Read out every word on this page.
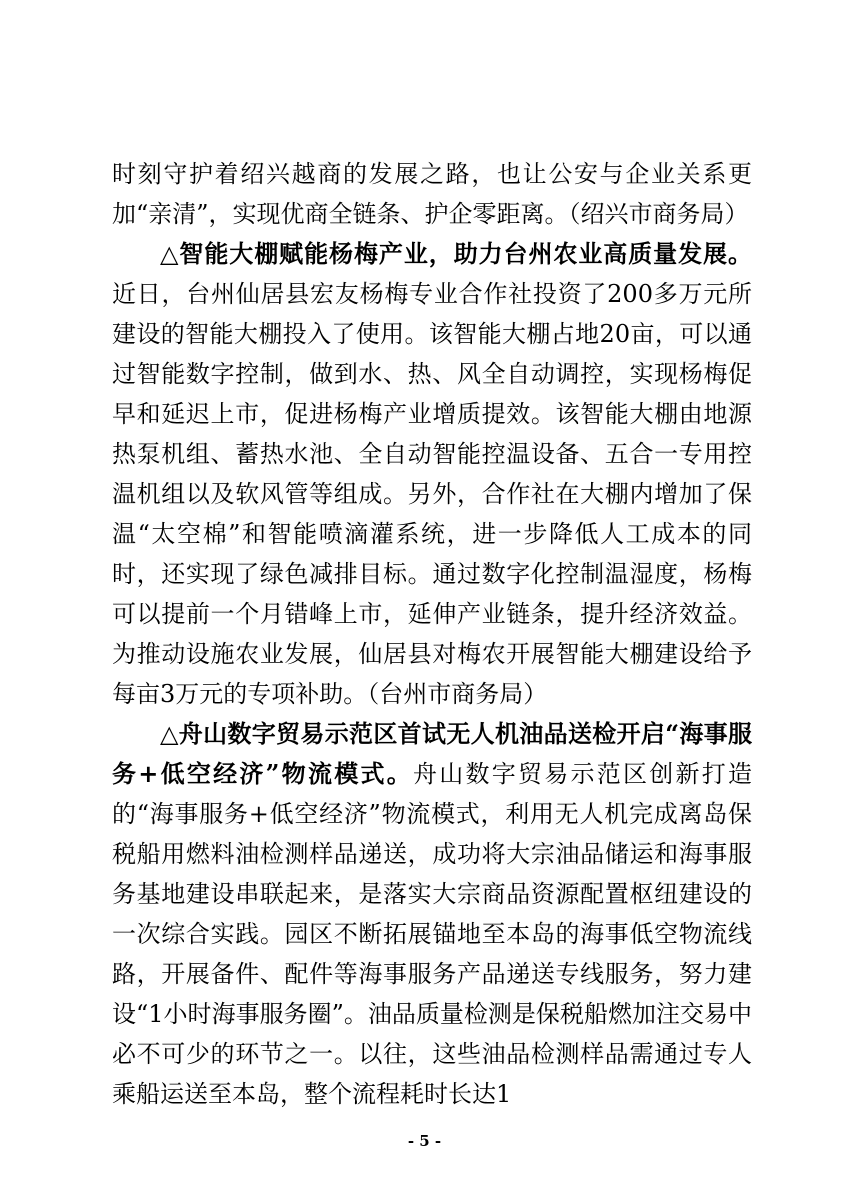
时刻守护着绍兴越商的发展之路，也让公安与企业关系更加“亲清”，实现优商全链条、护企零距离。（绍兴市商务局）

△智能大棚赋能杨梅产业，助力台州农业高质量发展。近日，台州仙居县宏友杨梅专业合作社投资了200多万元所建设的智能大棚投入了使用。该智能大棚占地20亩，可以通过智能数字控制，做到水、热、风全自动调控，实现杨梅促早和延迟上市，促进杨梅产业增质提效。该智能大棚由地源热泵机组、蓄热水池、全自动智能控温设备、五合一专用控温机组以及软风管等组成。另外，合作社在大棚内增加了保温“太空棉”和智能喷滴灌系统，进一步降低人工成本的同时，还实现了绿色减排目标。通过数字化控制温湿度，杨梅可以提前一个月错峰上市，延伸产业链条，提升经济效益。为推动设施农业发展，仙居县对梅农开展智能大棚建设给予每亩3万元的专项补助。（台州市商务局）

△舟山数字贸易示范区首试无人机油品送检开启“海事服务+低空经济”物流模式。舟山数字贸易示范区创新打造的“海事服务+低空经济”物流模式，利用无人机完成离岛保税船用燃料油检测样品递送，成功将大宗油品储运和海事服务基地建设串联起来，是落实大宗商品资源配置枢纽建设的一次综合实践。园区不断拓展锚地至本岛的海事低空物流线路，开展备件、配件等海事服务产品递送专线服务，努力建设“1小时海事服务圈”。油品质量检测是保税船燃加注交易中必不可少的环节之一。以往，这些油品检测样品需通过专人乘船运送至本岛，整个流程耗时长达1

- 5 -
